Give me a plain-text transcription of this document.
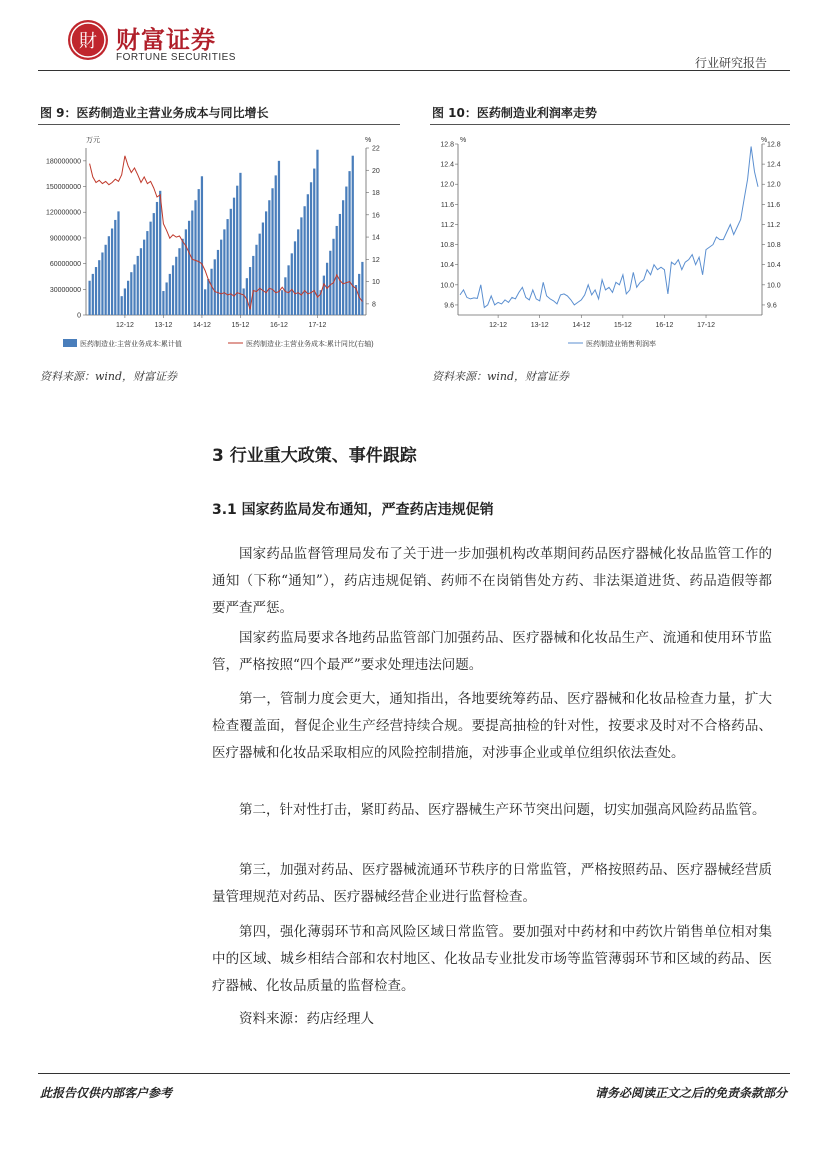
財 财富证券
FORTUNE SECURITIES	行业研究报告
图 9：医药制造业主营业务成本与同比增长
万元	%
0
30000000
60000000
90000000
120000000
150000000
180000000
8
10
12
14
16
18
20
22
12-12	13-12	14-12	15-12	16-12	17-12
医药制造业:主营业务成本:累计值	医药制造业:主营业务成本:累计同比(右轴)
资料来源：wind，财富证券
图 10：医药制造业利润率走势
%	%
9.6	9.6
10.0	10.0
10.4	10.4
10.8	10.8
11.2	11.2
11.6	11.6
12.0	12.0
12.4	12.4
12.8	12.8
12-12	13-12	14-12	15-12	16-12	17-12
医药制造业销售利润率
资料来源：wind，财富证券
3 行业重大政策、事件跟踪
3.1 国家药监局发布通知，严查药店违规促销
国家药品监督管理局发布了关于进一步加强机构改革期间药品医疗器械化妆品监管工作的通知（下称“通知”），药店违规促销、药师不在岗销售处方药、非法渠道进货、药品造假等都要严查严惩。
国家药监局要求各地药品监管部门加强药品、医疗器械和化妆品生产、流通和使用环节监管，严格按照“四个最严”要求处理违法问题。
第一，管制力度会更大，通知指出，各地要统筹药品、医疗器械和化妆品检查力量，扩大检查覆盖面，督促企业生产经营持续合规。要提高抽检的针对性，按要求及时对不合格药品、医疗器械和化妆品采取相应的风险控制措施，对涉事企业或单位组织依法查处。
第二，针对性打击，紧盯药品、医疗器械生产环节突出问题，切实加强高风险药品监管。
第三，加强对药品、医疗器械流通环节秩序的日常监管，严格按照药品、医疗器械经营质量管理规范对药品、医疗器械经营企业进行监督检查。
第四，强化薄弱环节和高风险区域日常监管。要加强对中药材和中药饮片销售单位相对集中的区域、城乡相结合部和农村地区、化妆品专业批发市场等监管薄弱环节和区域的药品、医疗器械、化妆品质量的监督检查。
资料来源：药店经理人
此报告仅供内部客户参考	请务必阅读正文之后的免责条款部分
